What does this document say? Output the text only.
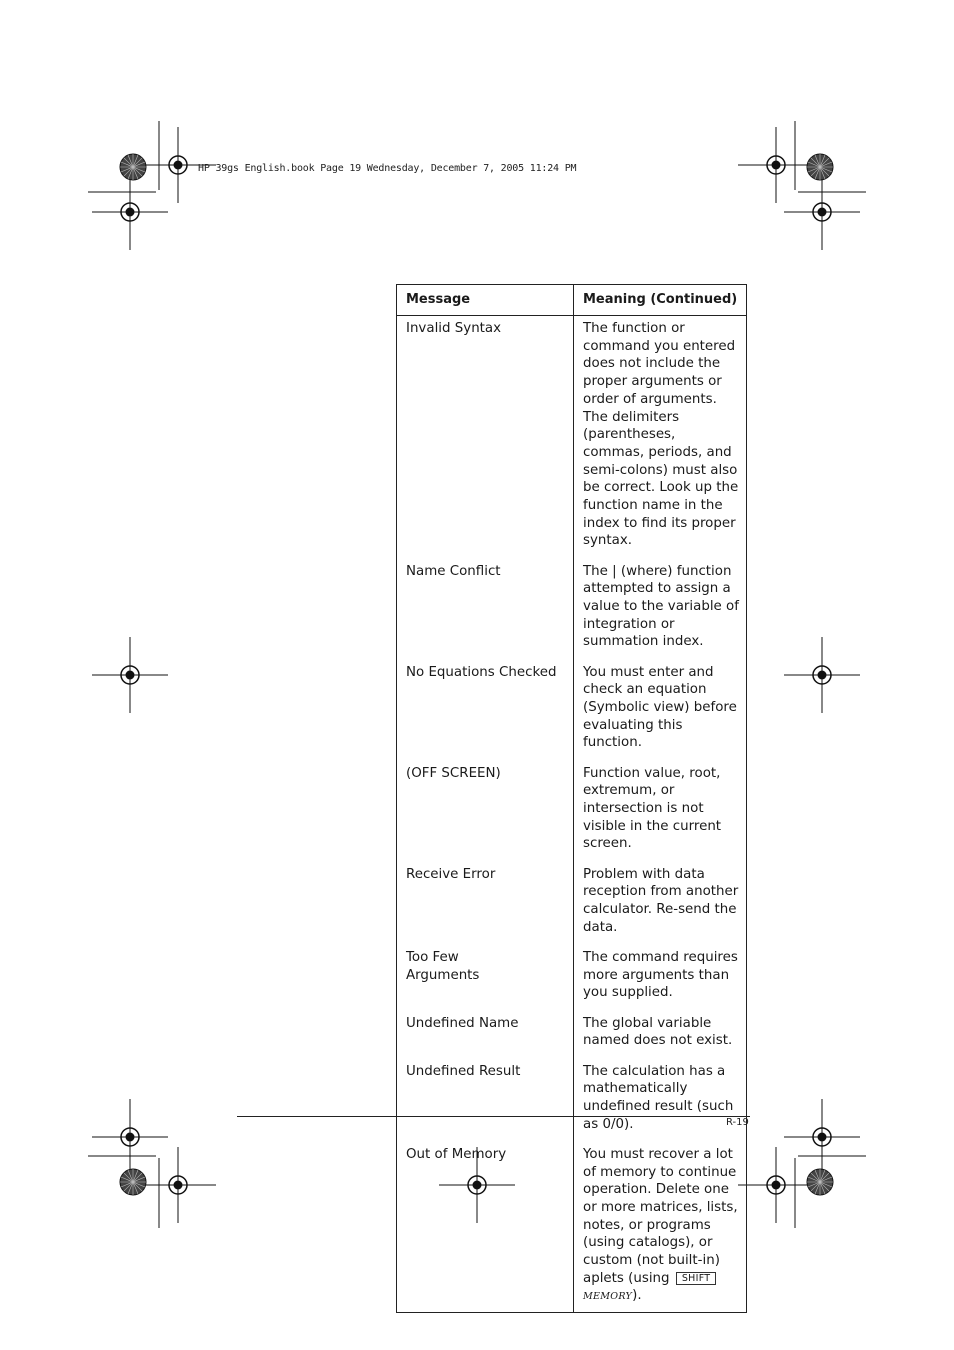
HP 39gs English.book Page 19 Wednesday, December 7, 2005 11:24 PM
Message	Meaning (Continued)
Invalid Syntax	The function or command you entered does not include the proper arguments or order of arguments. The delimiters (parentheses, commas, periods, and semi-colons) must also be correct. Look up the function name in the index to find its proper syntax.
Name Conflict	The | (where) function attempted to assign a value to the variable of integration or summation index.
No Equations Checked	You must enter and check an equation (Symbolic view) before evaluating this function.
(OFF SCREEN)	Function value, root, extremum, or intersection is not visible in the current screen.
Receive Error	Problem with data reception from another calculator. Re-send the data.
Too Few Arguments	The command requires more arguments than you supplied.
Undefined Name	The global variable named does not exist.
Undefined Result	The calculation has a mathematically undefined result (such as 0/0).
Out of Memory	You must recover a lot of memory to continue operation. Delete one or more matrices, lists, notes, or programs (using catalogs), or custom (not built-in) aplets (using SHIFT
MEMORY).
R-19
